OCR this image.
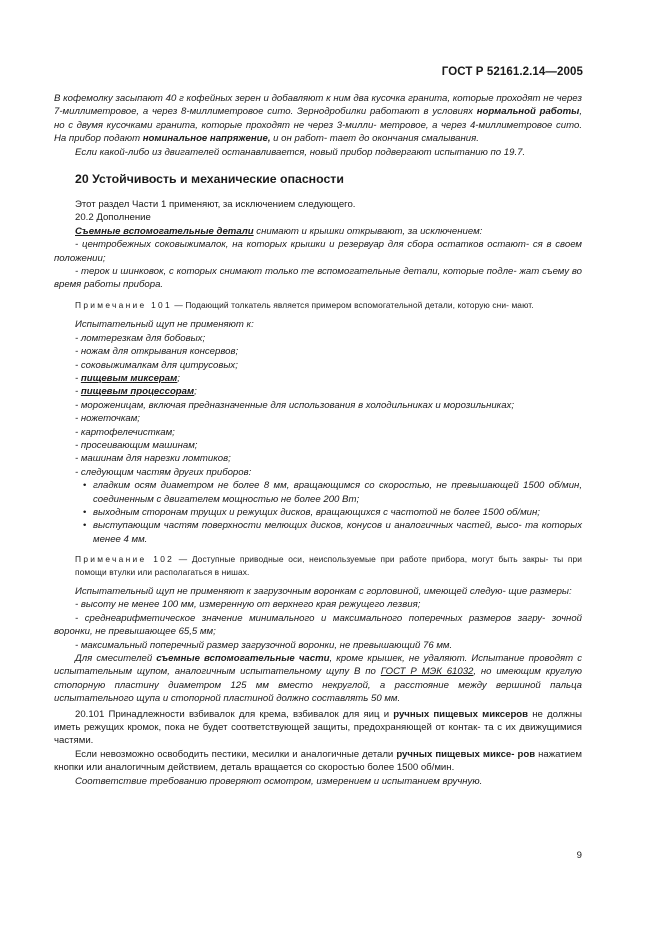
ГОСТ Р 52161.2.14—2005

В кофемолку засыпают 40 г кофейных зерен и добавляют к ним два кусочка гранита, которые проходят не через 7-миллиметровое, а через 8-миллиметровое сито. Зернодробилки работают в условиях нормальной работы, но с двумя кусочками гранита, которые проходят не через 3-милли- метровое, а через 4-миллиметровое сито. На прибор подают номинальное напряжение, и он работ- тает до окончания смалывания.

Если какой-либо из двигателей останавливается, новый прибор подвергают испытанию по 19.7.

20 Устойчивость и механические опасности

Этот раздел Части 1 применяют, за исключением следующего.

20.2 Дополнение

Съемные вспомогательные детали снимают и крышки открывают, за исключением:

- центробежных соковыжималок, на которых крышки и резервуар для сбора остатков остают- ся в своем положении;

- терок и шинковок, с которых снимают только те вспомогательные детали, которые подле- жат съему во время работы прибора.

Примечание 101 — Подающий толкатель является примером вспомогательной детали, которую сни- мают.

Испытательный щуп не применяют к:

- ломтерезкам для бобовых;

- ножам для открывания консервов;

- соковыжималкам для цитрусовых;

- пищевым миксерам;

- пищевым процессорам;

- мороженицам, включая предназначенные для использования в холодильниках и морозильниках;

- ножеточкам;

- картофелечисткам;

- просеивающим машинам;

- машинам для нарезки ломтиков;

- следующим частям других приборов:

• гладким осям диаметром не более 8 мм, вращающимся со скоростью, не превышающей 1500 об/мин, соединенным с двигателем мощностью не более 200 Вт;

• выходным сторонам трущих и режущих дисков, вращающихся с частотой не более 1500 об/мин;

• выступающим частям поверхности мелющих дисков, конусов и аналогичных частей, высо- та которых менее 4 мм.

Примечание 102 — Доступные приводные оси, неиспользуемые при работе прибора, могут быть закры- ты при помощи втулки или располагаться в нишах.

Испытательный щуп не применяют к загрузочным воронкам с горловиной, имеющей следую- щие размеры:

- высоту не менее 100 мм, измеренную от верхнего края режущего лезвия;

- среднеарифметическое значение минимального и максимального поперечных размеров загру- зочной воронки, не превышающее 65,5 мм;

- максимальный поперечный размер загрузочной воронки, не превышающий 76 мм.

Для смесителей съемные вспомогательные части, кроме крышек, не удаляют. Испытание проводят с испытательным щупом, аналогичным испытательному щупу В по ГОСТ Р МЭК 61032, но имеющим круглую стопорную пластину диаметром 125 мм вместо некруглой, а расстояние между вершиной пальца испытательного щупа и стопорной пластиной должно составлять 50 мм.

20.101 Принадлежности взбивалок для крема, взбивалок для яиц и ручных пищевых миксеров не должны иметь режущих кромок, пока не будет соответствующей защиты, предохраняющей от контак- та с их движущимися частями.

Если невозможно освободить пестики, месилки и аналогичные детали ручных пищевых миксе- ров нажатием кнопки или аналогичным действием, деталь вращается со скоростью более 1500 об/мин.

Соответствие требованию проверяют осмотром, измерением и испытанием вручную.

9
